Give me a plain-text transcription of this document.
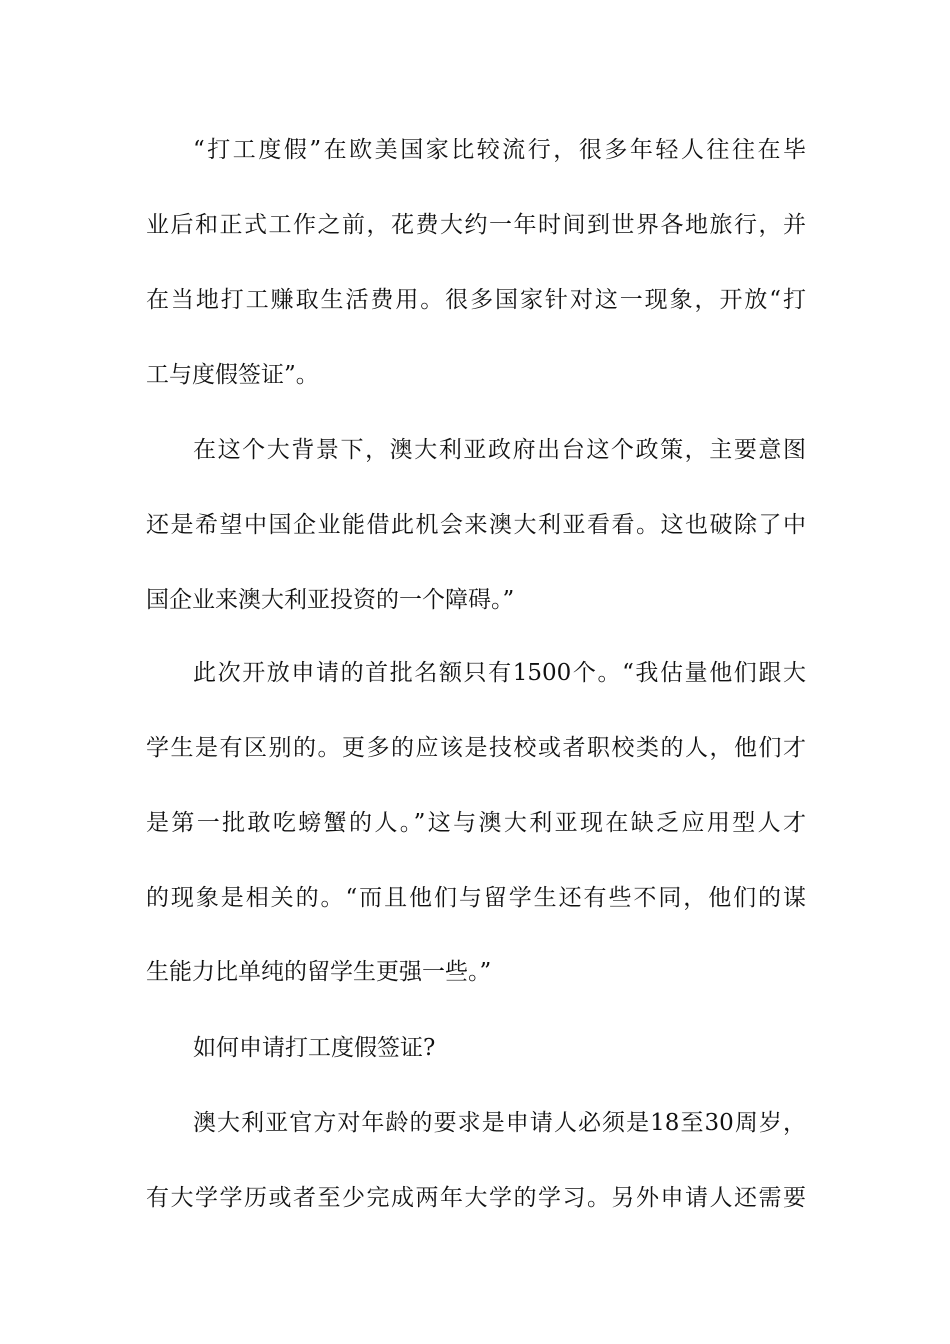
“打工度假”在欧美国家比较流行，很多年轻人往往在毕
业后和正式工作之前，花费大约一年时间到世界各地旅行，并
在当地打工赚取生活费用。很多国家针对这一现象，开放“打
工与度假签证”。
在这个大背景下，澳大利亚政府出台这个政策，主要意图
还是希望中国企业能借此机会来澳大利亚看看。这也破除了中
国企业来澳大利亚投资的一个障碍。”
此次开放申请的首批名额只有1500个。“我估量他们跟大
学生是有区别的。更多的应该是技校或者职校类的人，他们才
是第一批敢吃螃蟹的人。”这与澳大利亚现在缺乏应用型人才
的现象是相关的。“而且他们与留学生还有些不同，他们的谋
生能力比单纯的留学生更强一些。”
如何申请打工度假签证?
澳大利亚官方对年龄的要求是申请人必须是18至30周岁，
有大学学历或者至少完成两年大学的学习。另外申请人还需要
